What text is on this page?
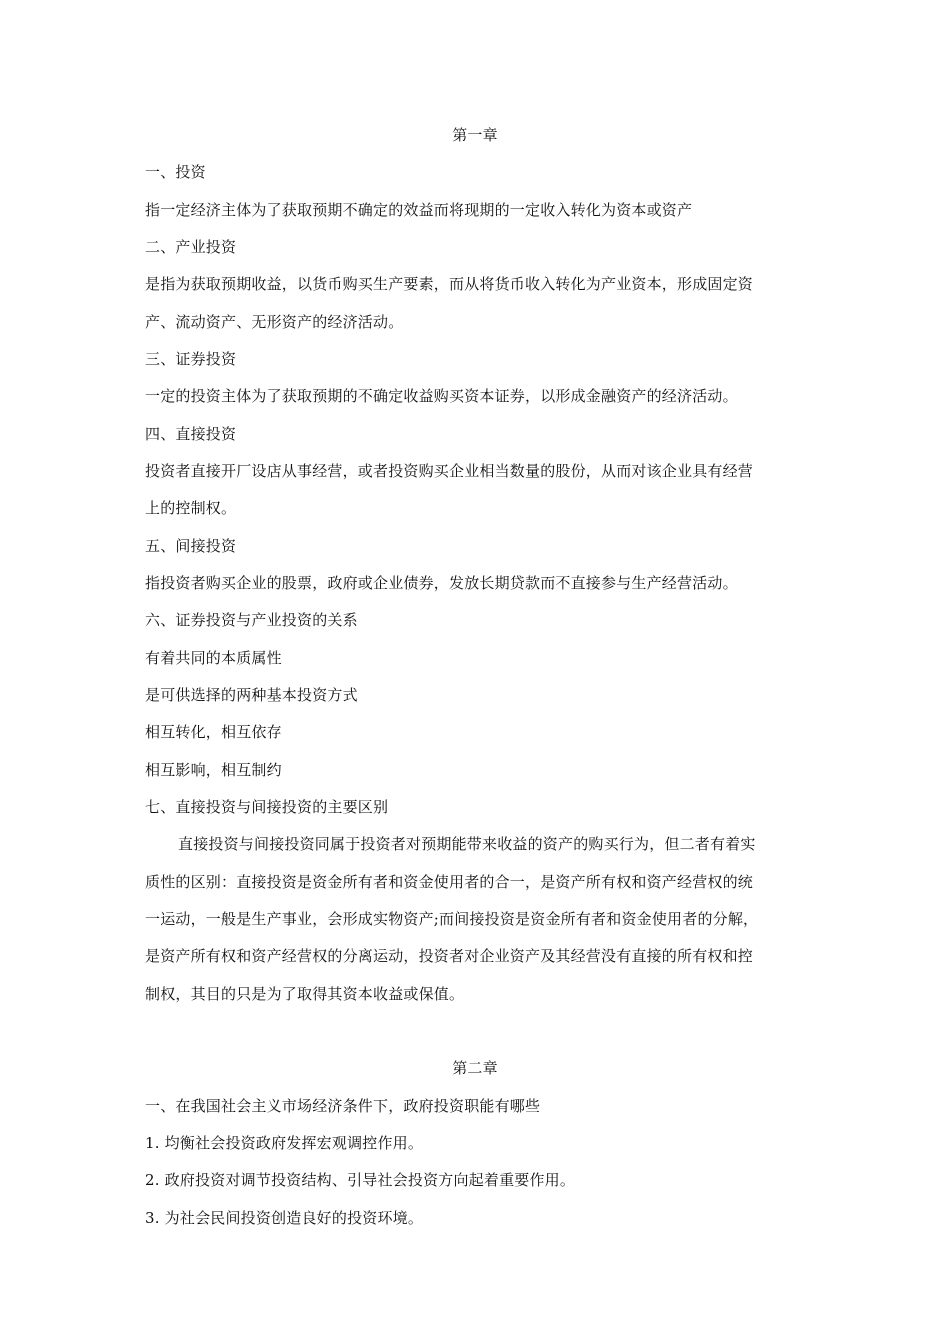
第一章
一、投资
指一定经济主体为了获取预期不确定的效益而将现期的一定收入转化为资本或资产
二、产业投资
是指为获取预期收益，以货币购买生产要素，而从将货币收入转化为产业资本，形成固定资
产、流动资产、无形资产的经济活动。
三、证券投资
一定的投资主体为了获取预期的不确定收益购买资本证券，以形成金融资产的经济活动。
四、直接投资
投资者直接开厂设店从事经营，或者投资购买企业相当数量的股份，从而对该企业具有经营
上的控制权。
五、间接投资
指投资者购买企业的股票，政府或企业债券，发放长期贷款而不直接参与生产经营活动。
六、证券投资与产业投资的关系
有着共同的本质属性
是可供选择的两种基本投资方式
相互转化，相互依存
相互影响，相互制约
七、直接投资与间接投资的主要区别
直接投资与间接投资同属于投资者对预期能带来收益的资产的购买行为，但二者有着实
质性的区别：直接投资是资金所有者和资金使用者的合一，是资产所有权和资产经营权的统
一运动，一般是生产事业，会形成实物资产;而间接投资是资金所有者和资金使用者的分解，
是资产所有权和资产经营权的分离运动，投资者对企业资产及其经营没有直接的所有权和控
制权，其目的只是为了取得其资本收益或保值。
第二章
一、在我国社会主义市场经济条件下，政府投资职能有哪些
1. 均衡社会投资政府发挥宏观调控作用。
2. 政府投资对调节投资结构、引导社会投资方向起着重要作用。
3. 为社会民间投资创造良好的投资环境。
